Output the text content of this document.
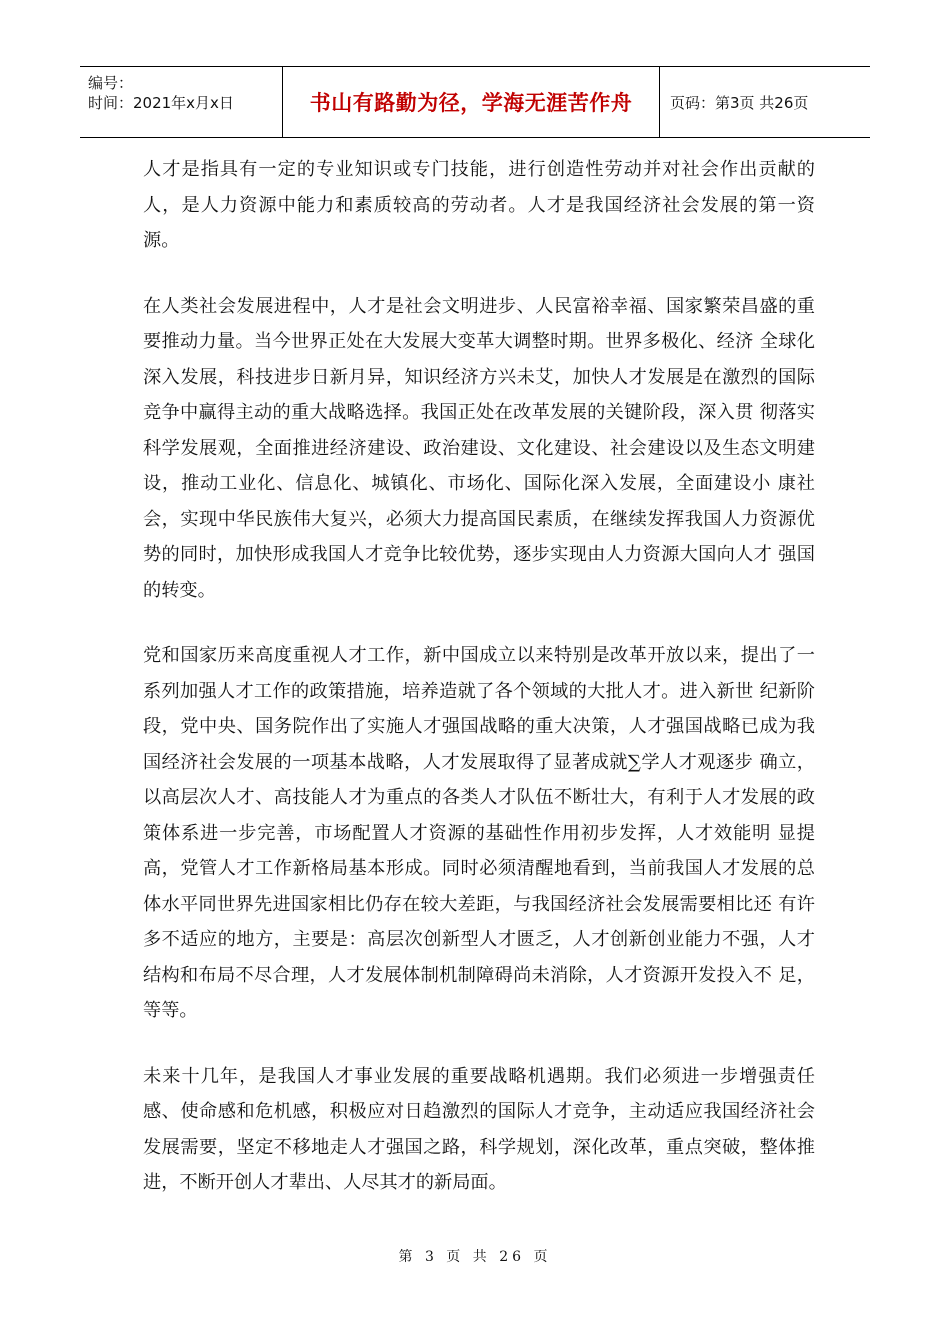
编号：
时间：2021年x月x日	书山有路勤为径，学海无涯苦作舟	页码：第3页 共26页

人才是指具有一定的专业知识或专门技能，进行创造性劳动并对社会作出贡献的人，是人力资源中能力和素质较高的劳动者。人才是我国经济社会发展的第一资源。

在人类社会发展进程中，人才是社会文明进步、人民富裕幸福、国家繁荣昌盛的重要推动力量。当今世界正处在大发展大变革大调整时期。世界多极化、经济 全球化深入发展，科技进步日新月异，知识经济方兴未艾，加快人才发展是在激烈的国际竞争中赢得主动的重大战略选择。我国正处在改革发展的关键阶段，深入贯 彻落实科学发展观，全面推进经济建设、政治建设、文化建设、社会建设以及生态文明建设，推动工业化、信息化、城镇化、市场化、国际化深入发展，全面建设小 康社会，实现中华民族伟大复兴，必须大力提高国民素质，在继续发挥我国人力资源优势的同时，加快形成我国人才竞争比较优势，逐步实现由人力资源大国向人才 强国的转变。

党和国家历来高度重视人才工作，新中国成立以来特别是改革开放以来，提出了一系列加强人才工作的政策措施，培养造就了各个领域的大批人才。进入新世 纪新阶段，党中央、国务院作出了实施人才强国战略的重大决策，人才强国战略已成为我国经济社会发展的一项基本战略，人才发展取得了显著成就∑学人才观逐步 确立，以高层次人才、高技能人才为重点的各类人才队伍不断壮大，有利于人才发展的政策体系进一步完善，市场配置人才资源的基础性作用初步发挥，人才效能明 显提高，党管人才工作新格局基本形成。同时必须清醒地看到，当前我国人才发展的总体水平同世界先进国家相比仍存在较大差距，与我国经济社会发展需要相比还 有许多不适应的地方，主要是：高层次创新型人才匮乏，人才创新创业能力不强，人才结构和布局不尽合理，人才发展体制机制障碍尚未消除，人才资源开发投入不 足，等等。

未来十几年，是我国人才事业发展的重要战略机遇期。我们必须进一步增强责任感、使命感和危机感，积极应对日趋激烈的国际人才竞争，主动适应我国经济社会发展需要，坚定不移地走人才强国之路，科学规划，深化改革，重点突破，整体推进，不断开创人才辈出、人尽其才的新局面。

第 3 页 共 26 页
